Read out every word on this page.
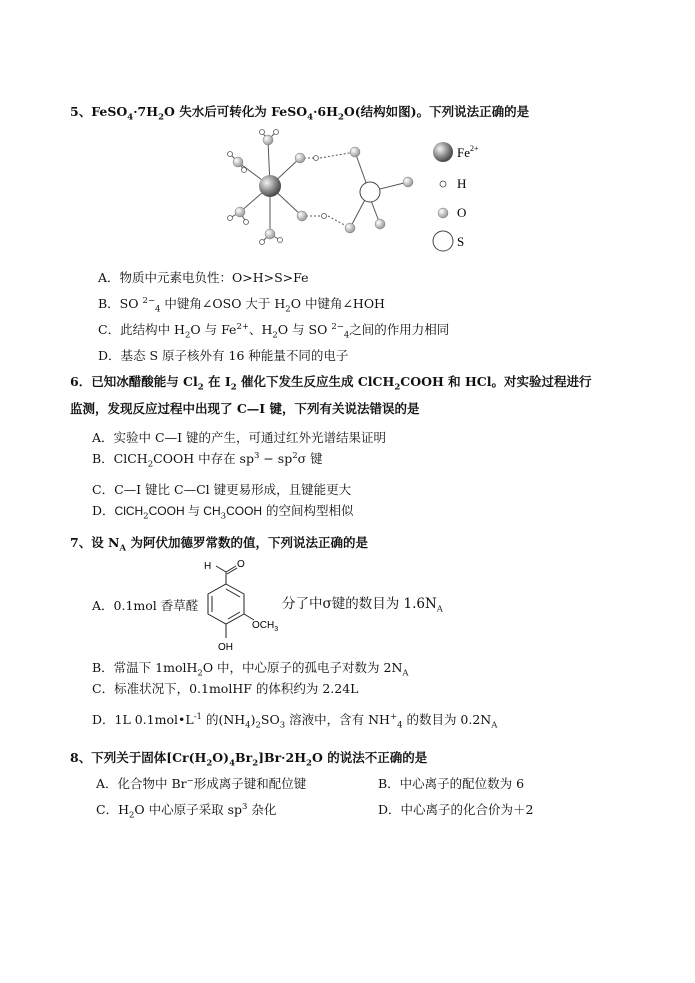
5、$FeSO_4\cdot 7H_2O$ 失水后可转化为 $FeSO_4\cdot 6H_2O$(结构如图)。下列说法正确的是
$Fe^{2+}$
H
O
S
A．物质中元素电负性：O>H>S>Fe
B．SO $^{2-}_4$ 中键角∠OSO 大于 $H_2O$ 中键角∠HOH
C．此结构中 $H_2O$ 与 $Fe^{2+}$、$H_2O$ 与 SO $^{2-}_4$之间的作用力相同
D．基态 S 原子核外有 16 种能量不同的电子
6．已知冰醋酸能与 $Cl_2$ 在 $I_2$ 催化下发生反应生成 ClCH$_2$COOH 和 HCl。对实验过程进行
监测，发现反应过程中出现了 C—I 键，下列有关说法错误的是
A．实验中 C—I 键的产生，可通过红外光谱结果证明
B．ClCH$_2$COOH 中存在 $sp^3 - sp^2\sigma$ 键
C．C—I 键比 C—Cl 键更易形成，且键能更大
D．ClCH$_2$COOH 与 $CH_3COOH$ 的空间构型相似
7、设 $N_A$ 为阿伏加德罗常数的值，下列说法正确的是
H	O
$OCH_3$
OH
A．0.1mol 香草醛	分了中σ键的数目为 $1.6N_A$
B．常温下 1molH$_2$O 中，中心原子的孤电子对数为 $2N_A$
C．标准状况下，0.1molHF 的体积约为 2.24L
D．1L $0.1mol•L^{-1}$ 的$(NH_4)_2SO_3$ 溶液中，含有 $NH^+_4$ 的数目为 $0.2N_A$
8、下列关于固体$[Cr(H_2O)_4Br_2]Br\cdot 2H_2O$ 的说法不正确的是
A．化合物中 Br−形成离子键和配位键	B．中心离子的配位数为 6
C．$H_2O$ 中心原子采取 $sp^3$ 杂化	D．中心离子的化合价为＋2
